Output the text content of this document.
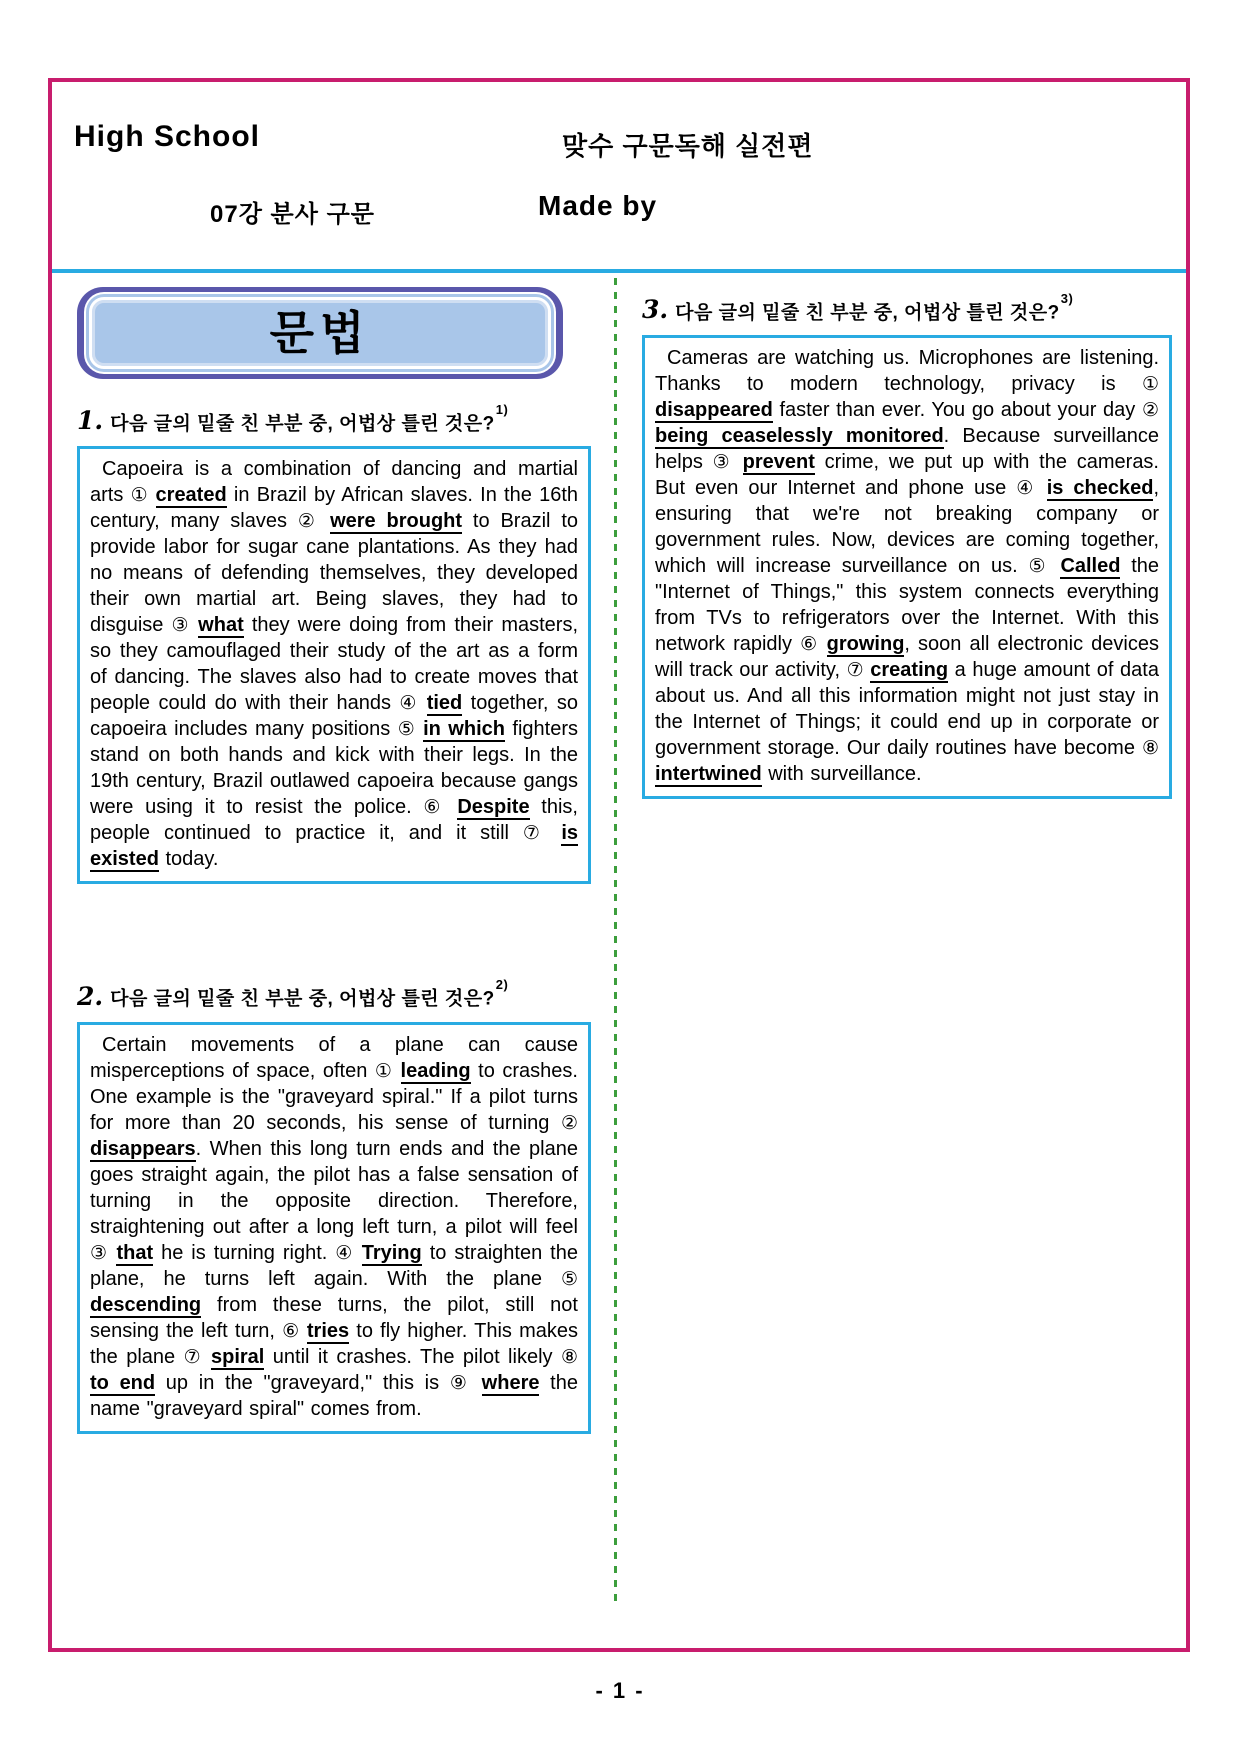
High School	맞수 구문독해 실전편
07강 분사 구문	Made by
문법
1. 다음 글의 밑줄 친 부분 중, 어법상 틀린 것은?$^{1)}$
Capoeira is a combination of dancing and martial arts ① created in Brazil by African slaves. In the 16th century, many slaves ② were brought to Brazil to provide labor for sugar cane plantations. As they had no means of defending themselves, they developed their own martial art. Being slaves, they had to disguise ③ what they were doing from their masters, so they camouflaged their study of the art as a form of dancing. The slaves also had to create moves that people could do with their hands ④ tied together, so capoeira includes many positions ⑤ in which fighters stand on both hands and kick with their legs. In the 19th century, Brazil outlawed capoeira because gangs were using it to resist the police. ⑥ Despite this, people continued to practice it, and it still ⑦ is existed today.
2. 다음 글의 밑줄 친 부분 중, 어법상 틀린 것은?$^{2)}$
Certain movements of a plane can cause misperceptions of space, often ① leading to crashes. One example is the "graveyard spiral." If a pilot turns for more than 20 seconds, his sense of turning ② disappears. When this long turn ends and the plane goes straight again, the pilot has a false sensation of turning in the opposite direction. Therefore, straightening out after a long left turn, a pilot will feel ③ that he is turning right. ④ Trying to straighten the plane, he turns left again. With the plane ⑤ descending from these turns, the pilot, still not sensing the left turn, ⑥ tries to fly higher. This makes the plane ⑦ spiral until it crashes. The pilot likely ⑧ to end up in the "graveyard," this is ⑨ where the name "graveyard spiral" comes from.
3. 다음 글의 밑줄 친 부분 중, 어법상 틀린 것은?$^{3)}$
Cameras are watching us. Microphones are listening. Thanks to modern technology, privacy is ① disappeared faster than ever. You go about your day ② being ceaselessly monitored. Because surveillance helps ③ prevent crime, we put up with the cameras. But even our Internet and phone use ④ is checked, ensuring that we're not breaking company or government rules. Now, devices are coming together, which will increase surveillance on us. ⑤ Called the "Internet of Things," this system connects everything from TVs to refrigerators over the Internet. With this network rapidly ⑥ growing, soon all electronic devices will track our activity, ⑦ creating a huge amount of data about us. And all this information might not just stay in the Internet of Things; it could end up in corporate or government storage. Our daily routines have become ⑧ intertwined with surveillance.
- 1 -
